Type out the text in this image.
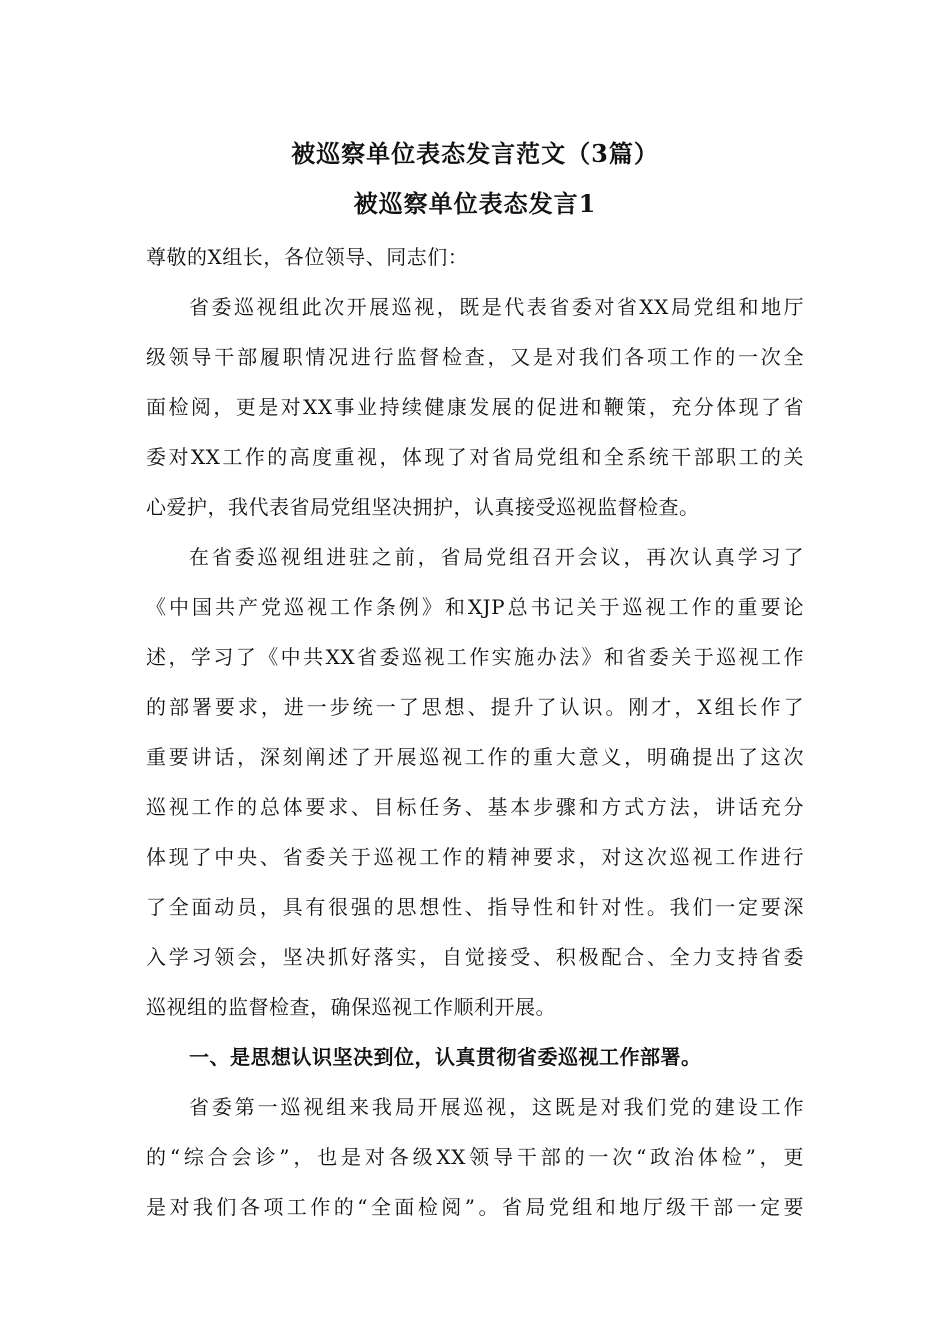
被巡察单位表态发言范文（3篇）
被巡察单位表态发言1
尊敬的X组长，各位领导、同志们：
省委巡视组此次开展巡视，既是代表省委对省XX局党组和地厅
级领导干部履职情况进行监督检查，又是对我们各项工作的一次全
面检阅，更是对XX事业持续健康发展的促进和鞭策，充分体现了省
委对XX工作的高度重视，体现了对省局党组和全系统干部职工的关
心爱护，我代表省局党组坚决拥护，认真接受巡视监督检查。
在省委巡视组进驻之前，省局党组召开会议，再次认真学习了
《中国共产党巡视工作条例》和XJP总书记关于巡视工作的重要论
述，学习了《中共XX省委巡视工作实施办法》和省委关于巡视工作
的部署要求，进一步统一了思想、提升了认识。刚才，X组长作了
重要讲话，深刻阐述了开展巡视工作的重大意义，明确提出了这次
巡视工作的总体要求、目标任务、基本步骤和方式方法，讲话充分
体现了中央、省委关于巡视工作的精神要求，对这次巡视工作进行
了全面动员，具有很强的思想性、指导性和针对性。我们一定要深
入学习领会，坚决抓好落实，自觉接受、积极配合、全力支持省委
巡视组的监督检查，确保巡视工作顺利开展。
一、是思想认识坚决到位，认真贯彻省委巡视工作部署。
省委第一巡视组来我局开展巡视，这既是对我们党的建设工作
的“综合会诊”，也是对各级XX领导干部的一次“政治体检”，更
是对我们各项工作的“全面检阅”。省局党组和地厅级干部一定要
